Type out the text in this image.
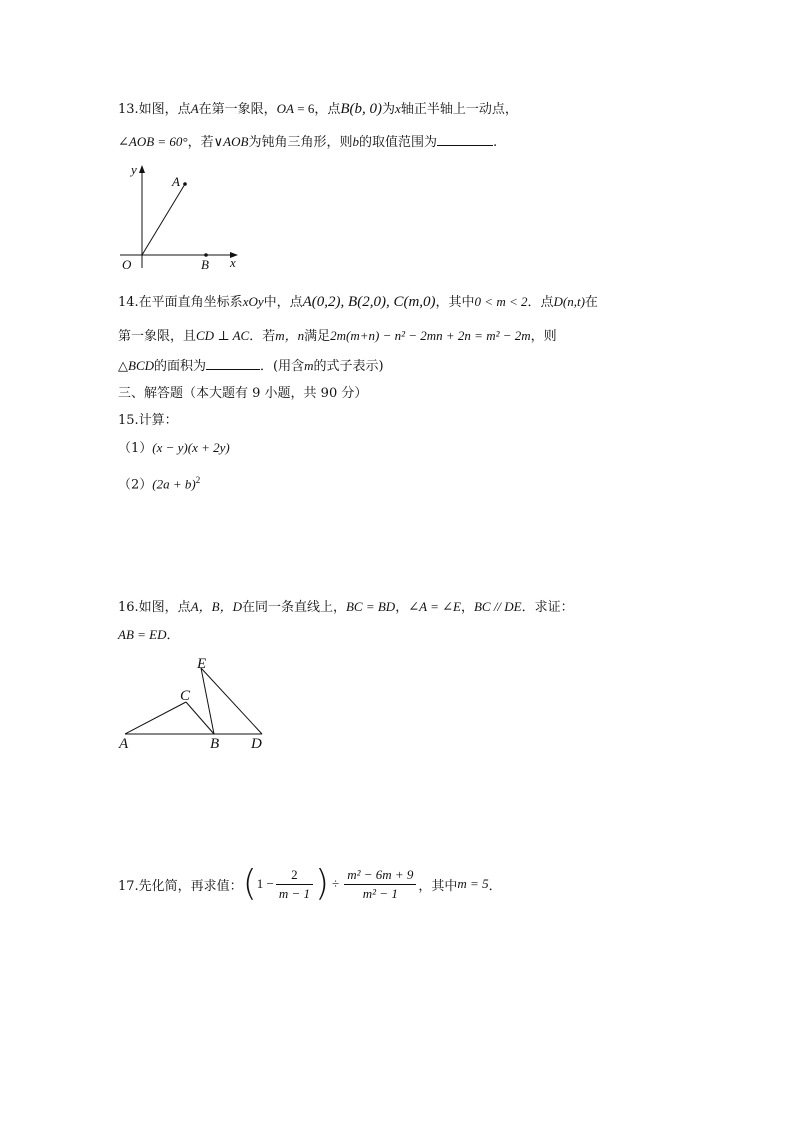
13.如图，点A在第一象限，OA = 6，点B(b, 0)为x轴正半轴上一动点，
∠AOB = 60°，若∨AOB为钝角三角形，则b的取值范围为	.
y
A
O	B x
14.在平面直角坐标系xOy中，点A(0,2), B(2,0), C(m,0)，其中0 < m < 2．点D(n,t)在
第一象限，且CD ⊥ AC．若m，n满足2m(m+n) − n² − 2mn + 2n = m² − 2m，则
△BCD的面积为	．(用含m的式子表示)
三、解答题（本大题有 9 小题，共 90 分）
15.计算：
（1）(x − y)(x + 2y)
$(2)(2a + b)^2$
16.如图，点A，B，D在同一条直线上，BC = BD，∠A = ∠E，BC // DE．求证：
AB = ED．
E
C
A	B D
17.先化简，再求值： ( $1 - \frac{2}{m - 1}$ ) ÷ $\frac{\text{m² − 6m + 9}}{\text{m² − 1}}$ ，其中 m = 5 ．
